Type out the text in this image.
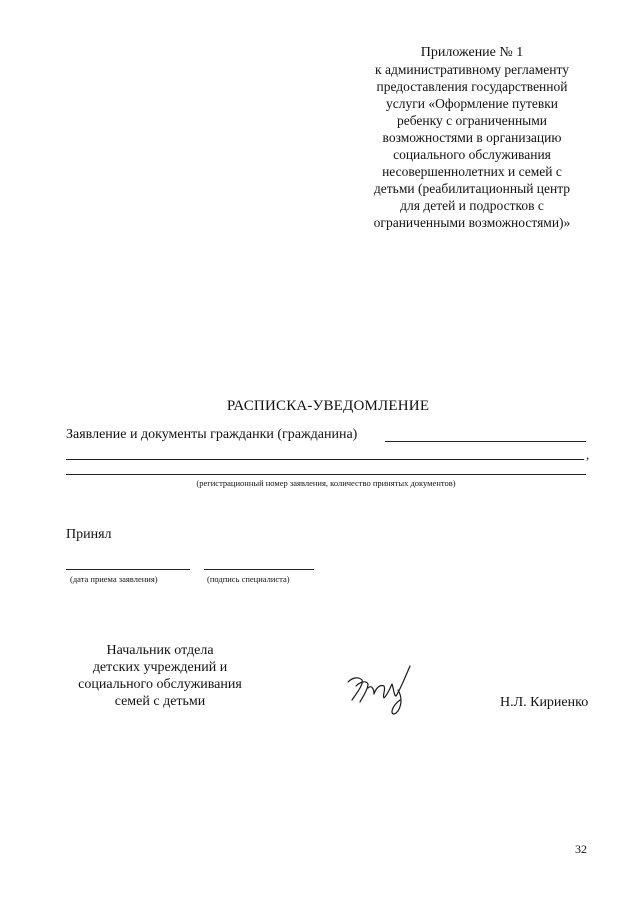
Приложение № 1
к административному регламенту
предоставления государственной
услуги «Оформление путевки
ребенку с ограниченными
возможностями в организацию
социального обслуживания
несовершеннолетних и семей с
детьми (реабилитационный центр
для детей и подростков с
ограниченными возможностями)»
РАСПИСКА-УВЕДОМЛЕНИЕ
Заявление и документы гражданки (гражданина)
,
(регистрационный номер заявления, количество принятых документов)
Принял
(дата приема заявления)	(подпись специалиста)
Начальник отдела
детских учреждений и
социального обслуживания
семей с детьми	Н.Л. Кириенко
32
